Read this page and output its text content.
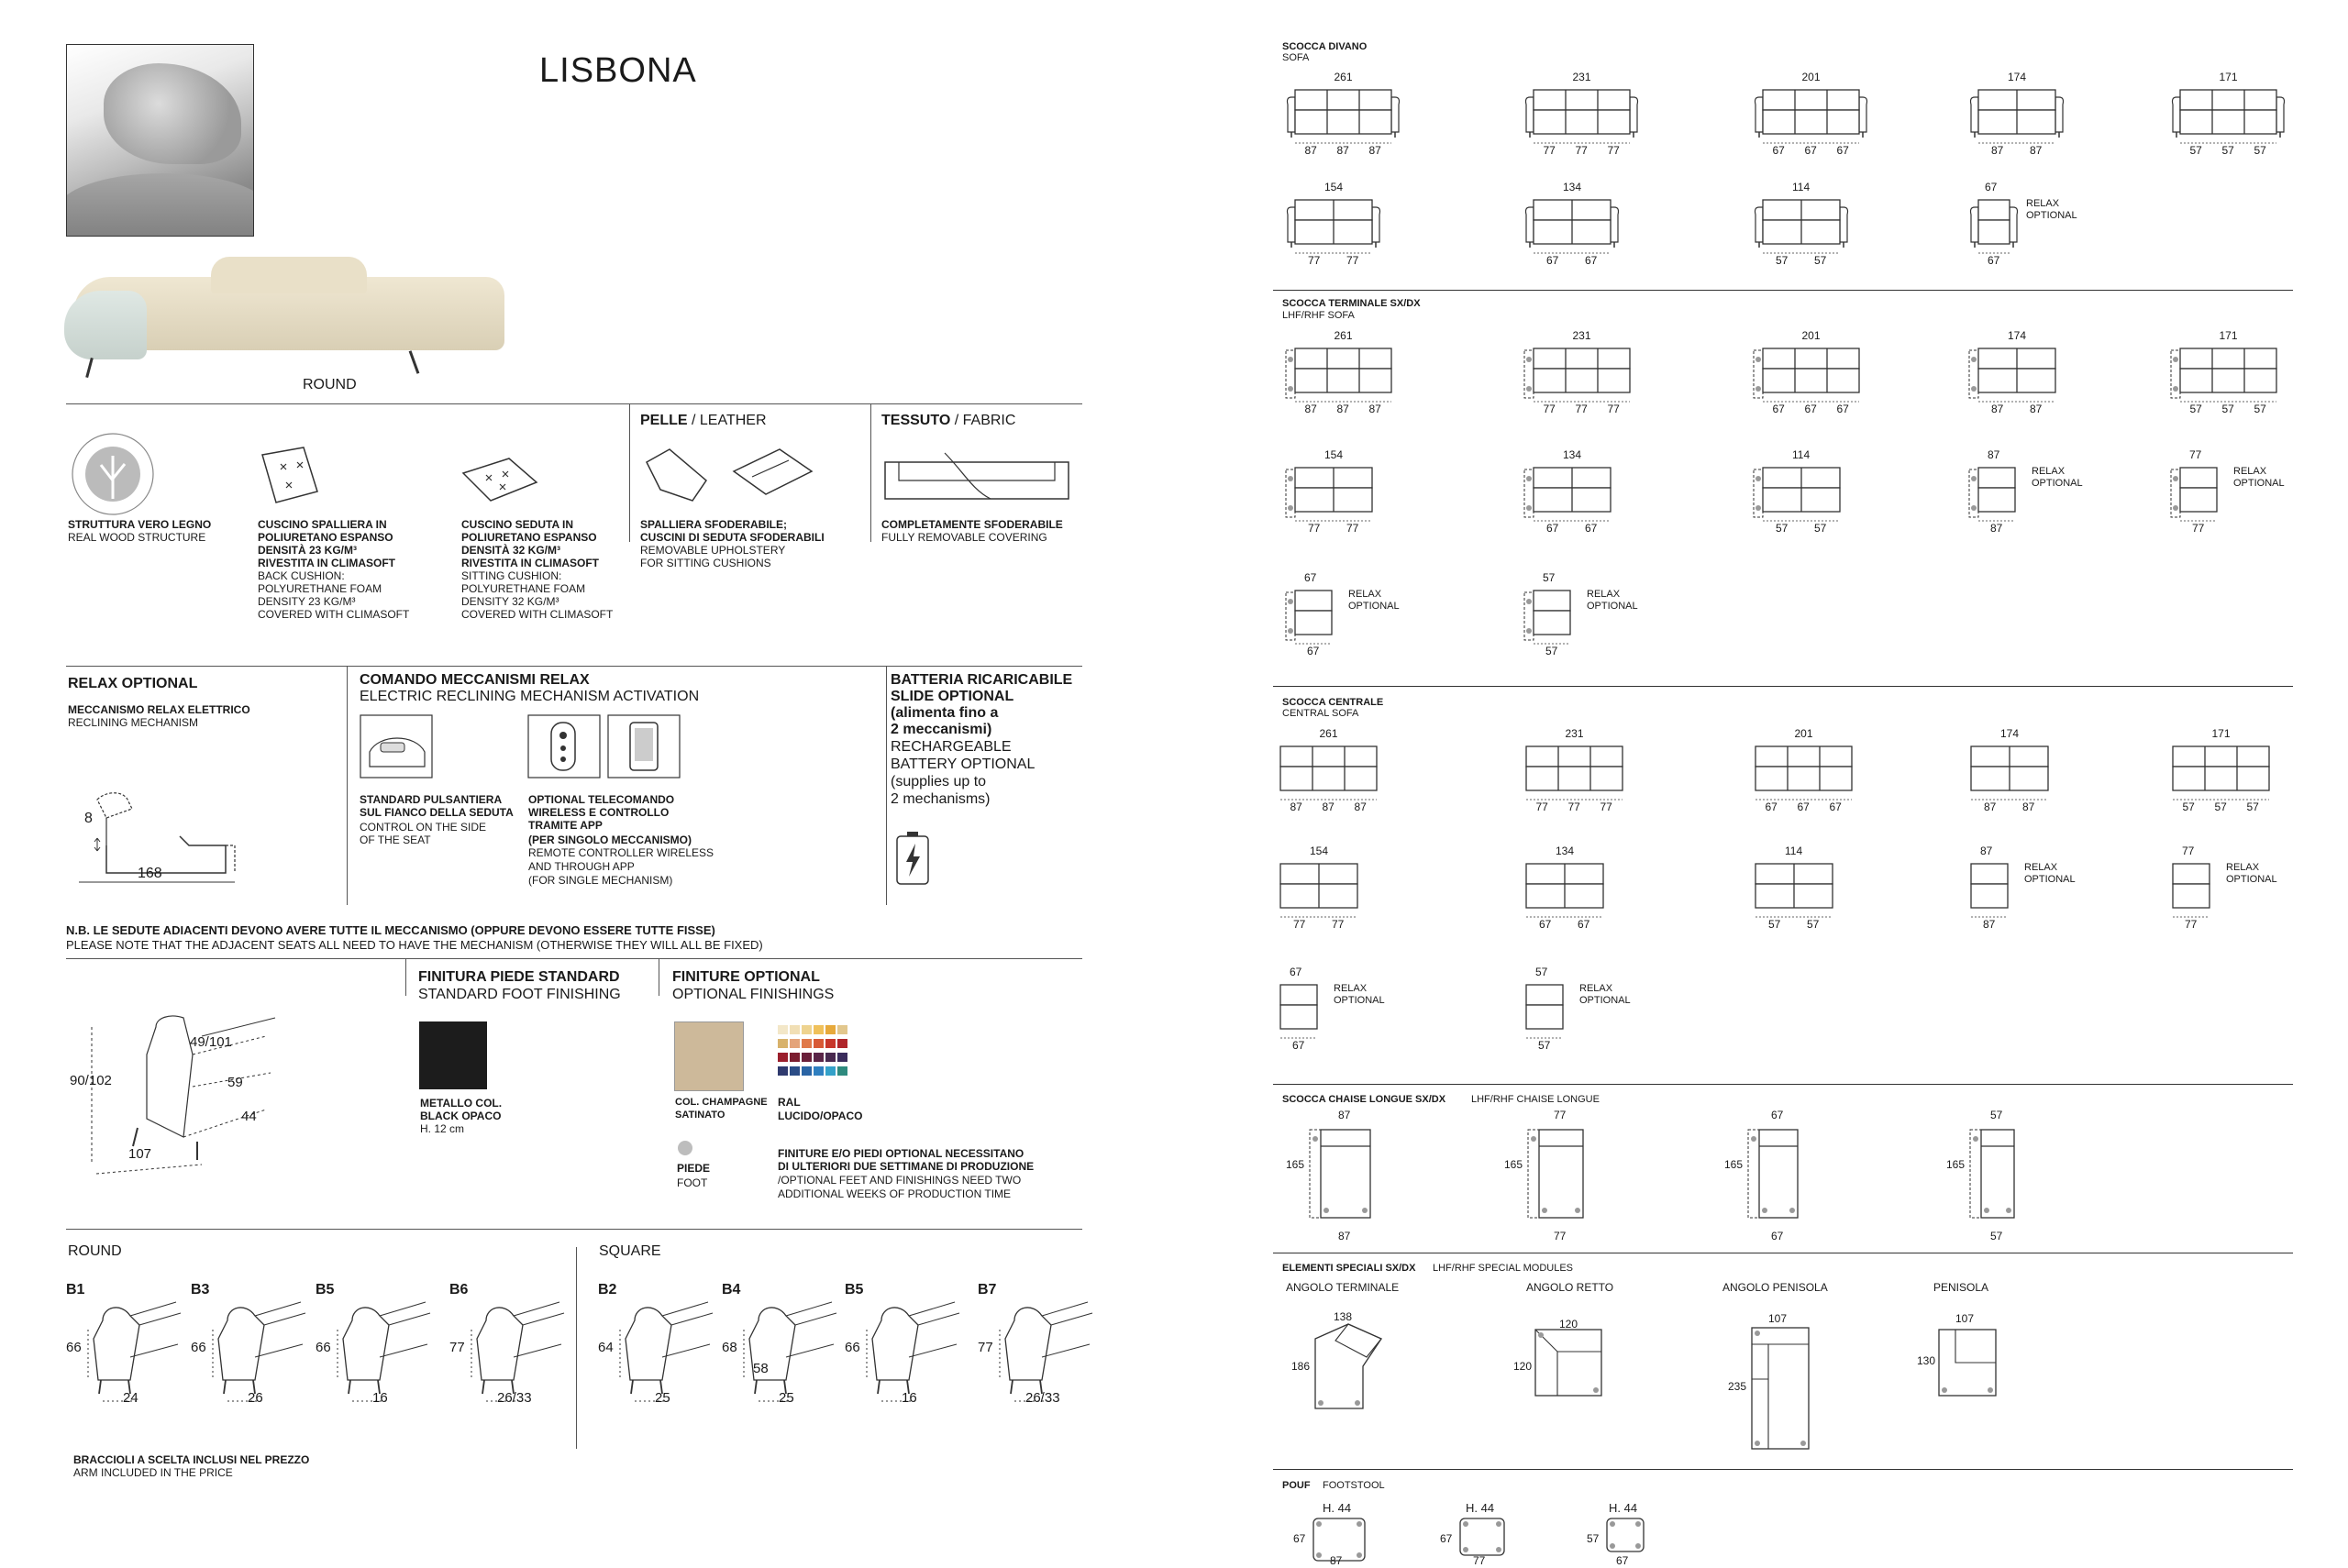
LISBONA
ROUND
STRUTTURA VERO LEGNO
REAL WOOD STRUCTURE
CUSCINO SPALLIERA IN
POLIURETANO ESPANSO
DENSITÀ 23 KG/M³
RIVESTITA IN CLIMASOFT
BACK CUSHION:
POLYURETHANE FOAM
DENSITY 23 KG/M³
COVERED WITH CLIMASOFT
CUSCINO SEDUTA IN
POLIURETANO ESPANSO
DENSITÀ 32 KG/M³
RIVESTITA IN CLIMASOFT
SITTING CUSHION:
POLYURETHANE FOAM
DENSITY 32 KG/M³
COVERED WITH CLIMASOFT
PELLE / LEATHER
SPALLIERA SFODERABILE;
CUSCINI DI SEDUTA SFODERABILI
REMOVABLE UPHOLSTERY
FOR SITTING CUSHIONS
TESSUTO / FABRIC
COMPLETAMENTE SFODERABILE
FULLY REMOVABLE COVERING
RELAX OPTIONAL
MECCANISMO RELAX ELETTRICO
RECLINING MECHANISM
8
168
COMANDO MECCANISMI RELAX
ELECTRIC RECLINING MECHANISM ACTIVATION
STANDARD PULSANTIERA
SUL FIANCO DELLA SEDUTA
CONTROL ON THE SIDE
OF THE SEAT
OPTIONAL TELECOMANDO
WIRELESS E CONTROLLO
TRAMITE APP
(PER SINGOLO MECCANISMO)
REMOTE CONTROLLER WIRELESS
AND THROUGH APP
(FOR SINGLE MECHANISM)
BATTERIA RICARICABILE
SLIDE OPTIONAL
(alimenta fino a
2 meccanismi)
RECHARGEABLE
BATTERY OPTIONAL
(supplies up to
2 mechanisms)
N.B. LE SEDUTE ADIACENTI DEVONO AVERE TUTTE IL MECCANISMO (OPPURE DEVONO ESSERE TUTTE FISSE)
PLEASE NOTE THAT THE ADJACENT SEATS ALL NEED TO HAVE THE MECHANISM (OTHERWISE THEY WILL ALL BE FIXED)
90/102
49/101
59
44
107
FINITURA PIEDE STANDARD
STANDARD FOOT FINISHING
METALLO COL.
BLACK OPACO
H. 12 cm
FINITURE OPTIONAL
OPTIONAL FINISHINGS
COL. CHAMPAGNE
SATINATO
RAL
LUCIDO/OPACO
PIEDE
FOOT
FINITURE E/O PIEDI OPTIONAL NECESSITANO
DI ULTERIORI DUE SETTIMANE DI PRODUZIONE
/OPTIONAL FEET AND FINISHINGS NEED TWO
ADDITIONAL WEEKS OF PRODUCTION TIME
ROUND	SQUARE
B1
66
24
B3
66
26
B5
66
16
B6
77
26/33
B2
64
25
B4
68
25
58
B5
66
16
B7
77
26/33
BRACCIOLI A SCELTA INCLUSI NEL PREZZO
ARM INCLUDED IN THE PRICE
SCOCCA DIVANO
SOFA
261
87 87 87
231
77 77 77
201
67 67 67
174
87 87
171
57 57 57
154
77 77
134
67 67
114
57 57
67
67
RELAX
OPTIONAL
SCOCCA TERMINALE SX/DX
LHF/RHF SOFA
261
87 87 87
231
77 77 77
201
67 67 67
174
87 87
171
57 57 57
154
77 77
134
67 67
114
57 57
87
87
RELAX
OPTIONAL
77
77
RELAX
OPTIONAL
67
67
RELAX
OPTIONAL
57
57
RELAX
OPTIONAL
SCOCCA CENTRALE
CENTRAL SOFA
261
87 87 87
231
77 77 77
201
67 67 67
174
87 87
171
57 57 57
154
77 77
134
67 67
114
57 57
87
87
RELAX
OPTIONAL
77
77
RELAX
OPTIONAL
67
67
RELAX
OPTIONAL
57
57
RELAX
OPTIONAL
SCOCCA CHAISE LONGUE SX/DX	LHF/RHF CHAISE LONGUE
87
87
165
77
77
165
67
67
165
57
57
165
ELEMENTI SPECIALI SX/DX LHF/RHF SPECIAL MODULES
ANGOLO TERMINALE	ANGOLO RETTO	ANGOLO PENISOLA	PENISOLA
138
186
120
120
107
235
107
130
POUF FOOTSTOOL
H. 44
67
87
H. 44
67
77
H. 44
57
67
